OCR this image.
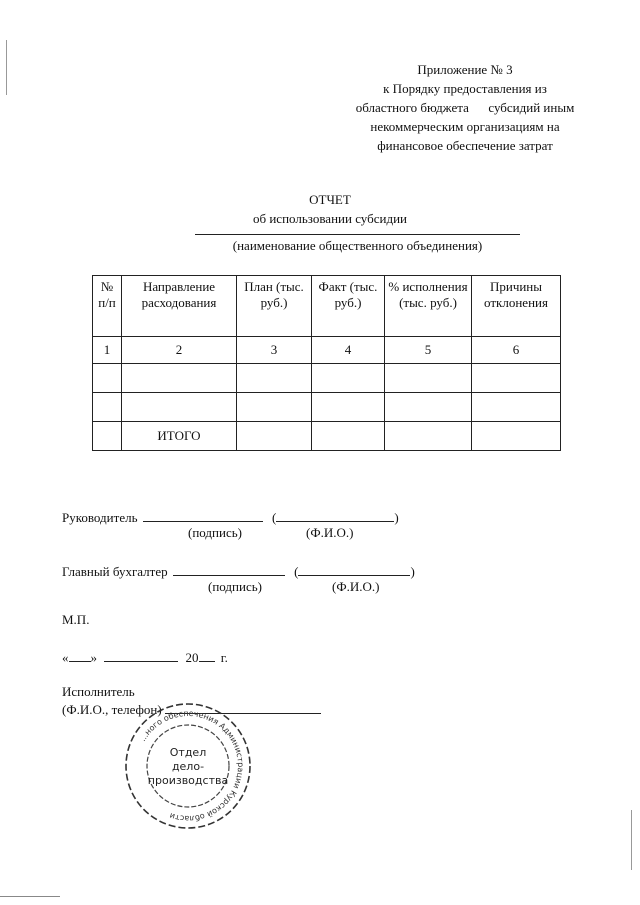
Приложение № 3
к Порядку предоставления из
областного бюджета      субсидий иным
некоммерческим организациям на
финансовое обеспечение затрат
ОТЧЕТ
об использовании субсидии
(наименование общественного объединения)
№ п/п	Направление расходования	План (тыс. руб.)	Факт (тыс. руб.)	% исполнения (тыс. руб.)	Причины отклонения
1	2	3	4	5	6

	ИТОГО				
Руководитель	(	)
(подпись)	(Ф.И.О.)
Главный бухгалтер	(	)
(подпись)	(Ф.И.О.)
М.П.
« »	20 г.
Исполнитель
(Ф.И.О., телефон)
...ного обеспечения Администрации Курской области
Отдел
дело-
производства
